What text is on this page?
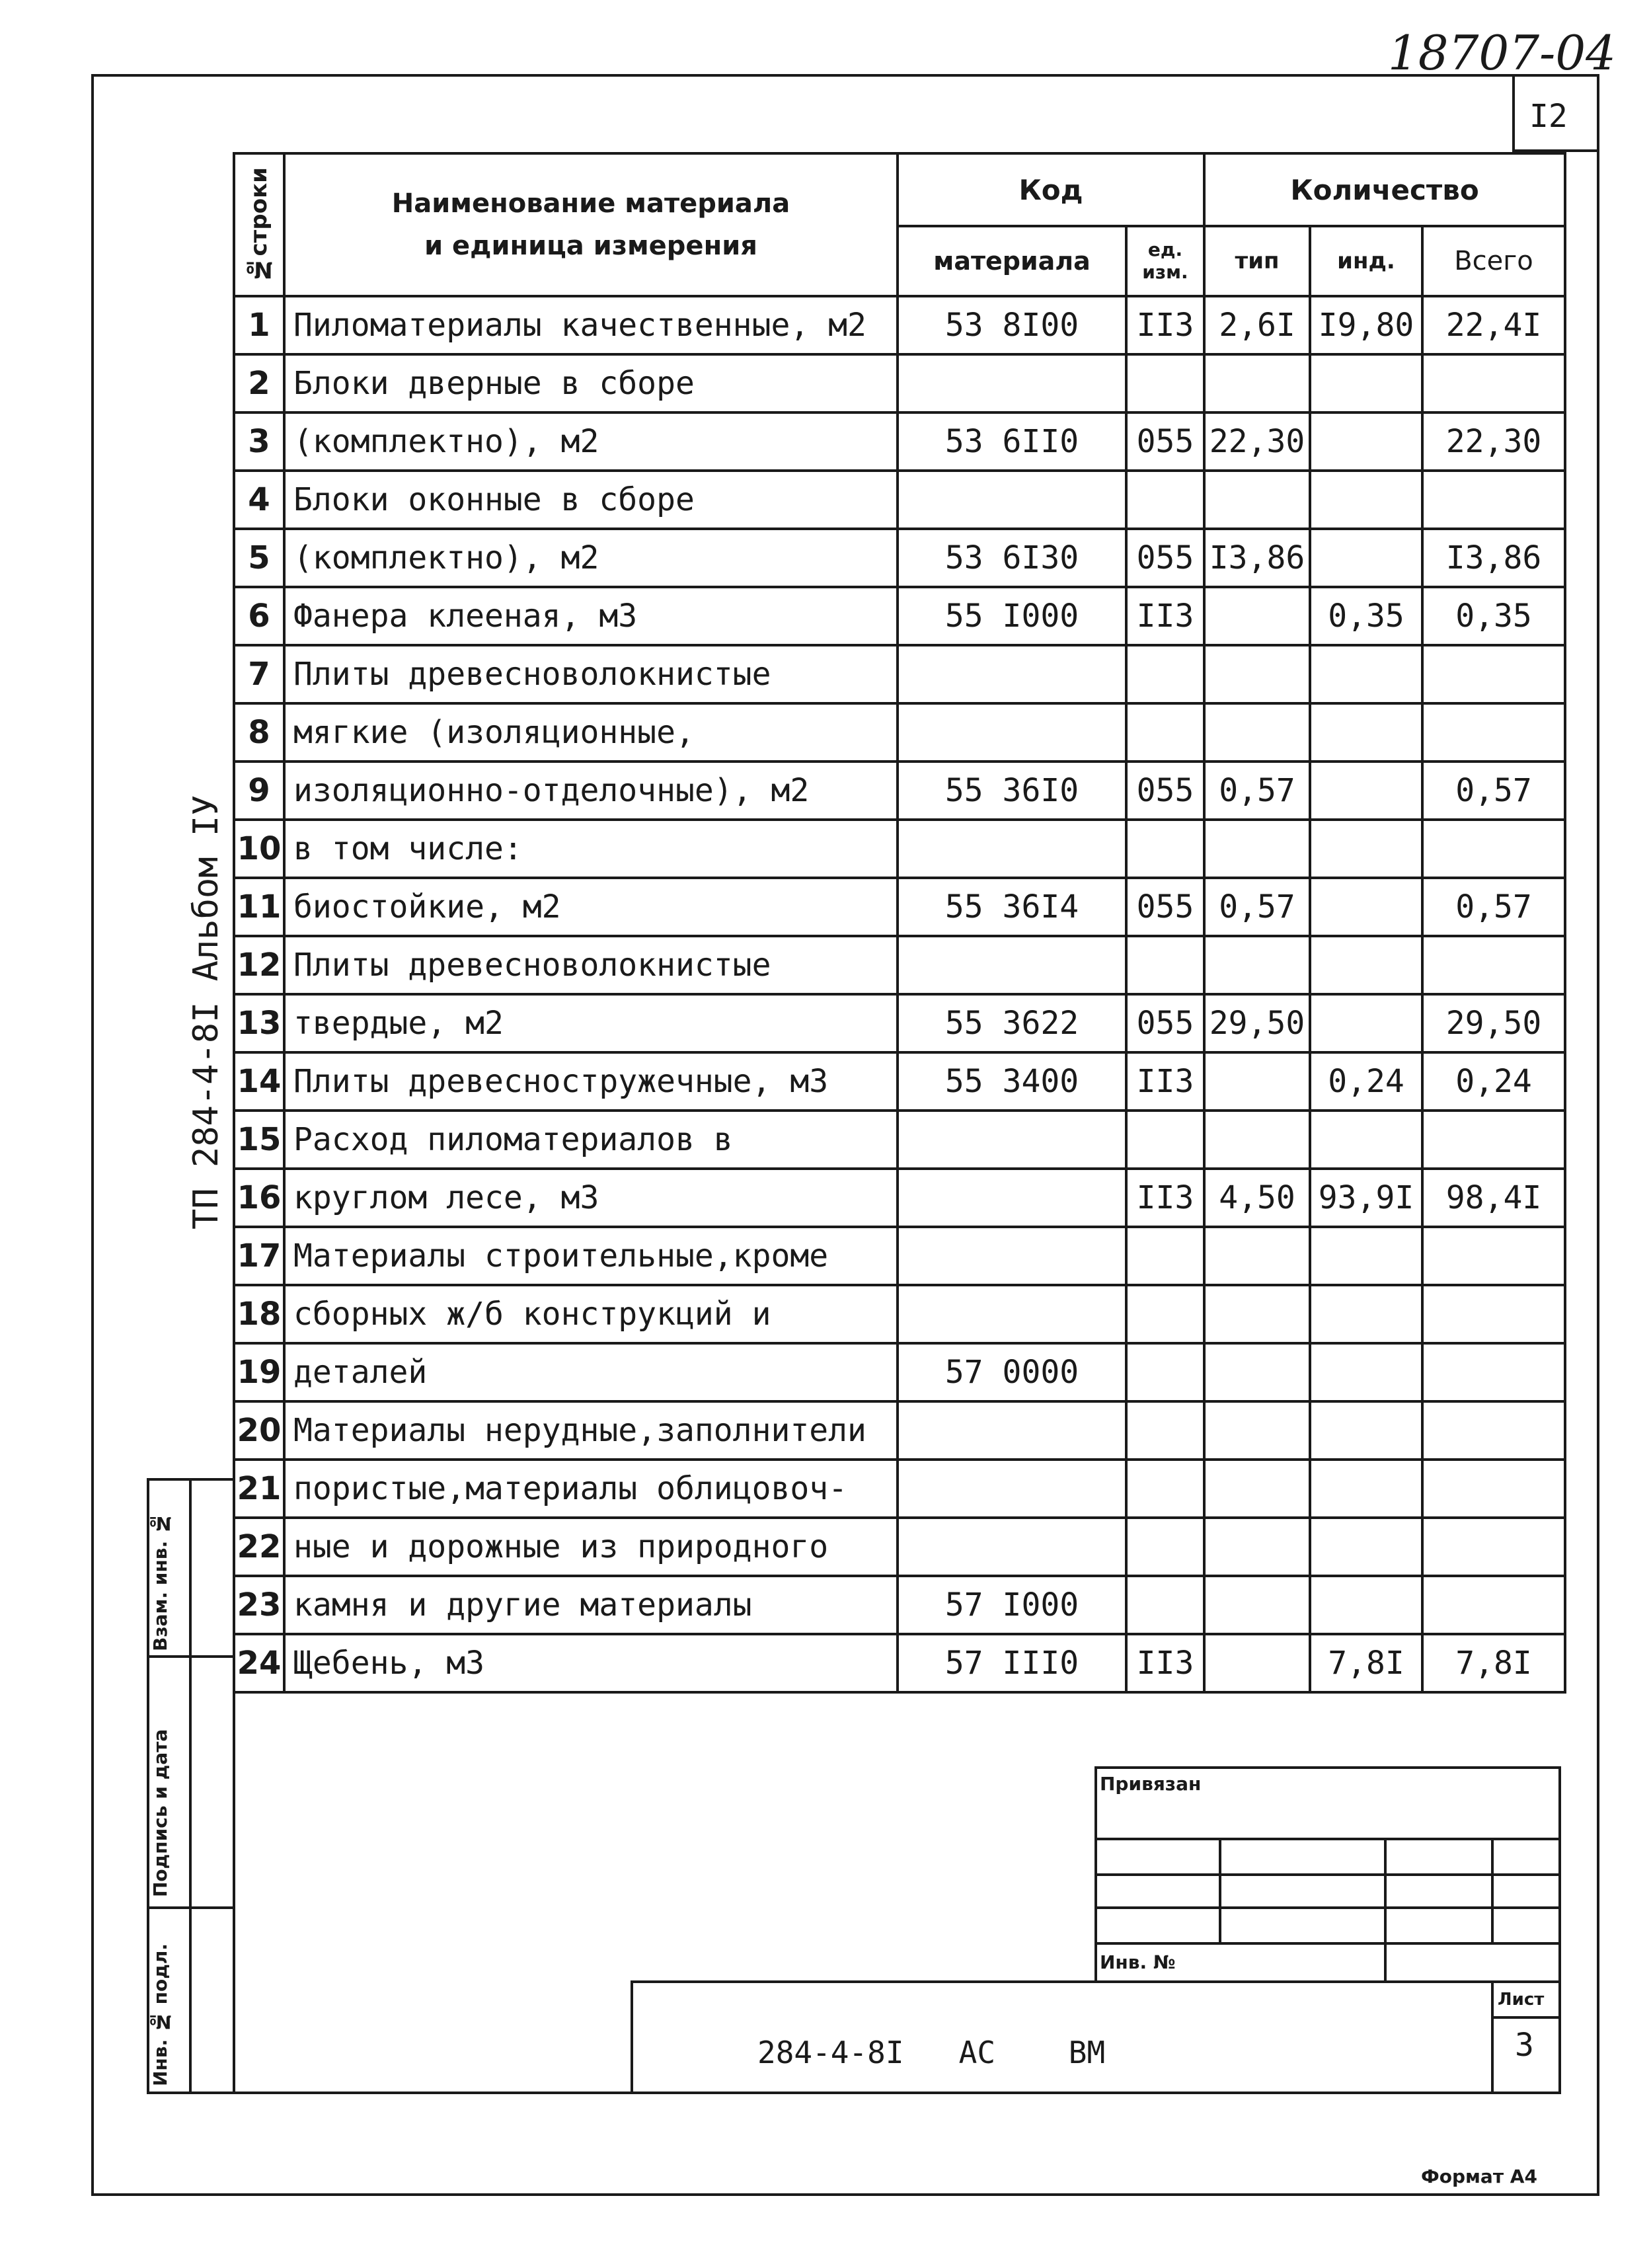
18707-04
I2
ТП 284-4-8I Альбом IУ
№строки	Наименование материала
и единица измерения	Код		Количество		
		материала	ед. изм.	тип	инд.	Всего
1	Пиломатериалы качественные, м2	53 8I00	II3	2,6I	I9,80	22,4I
2	Блоки дверные в сборе					
3	(комплектно), м2	53 6II0	055	22,30		22,30
4	Блоки оконные в сборе					
5	(комплектно), м2	53 6I30	055	I3,86		I3,86
6	Фанера клееная, м3	55 I000	II3		0,35	0,35
7	Плиты древесноволокнистые					
8	мягкие (изоляционные,					
9	изоляционно-отделочные), м2	55 36I0	055	0,57		0,57
10	в том числе:					
11	биостойкие, м2	55 36I4	055	0,57		0,57
12	Плиты древесноволокнистые					
13	твердые, м2	55 3622	055	29,50		29,50
14	Плиты древесностружечные, м3	55 3400	II3		0,24	0,24
15	Расход пиломатериалов в					
16	круглом лесе, м3		II3	4,50	93,9I	98,4I
17	Материалы строительные,кроме					
18	сборных ж/б конструкций и					
19	деталей	57 0000				
20	Материалы нерудные,заполнители					
21	пористые,материалы облицовоч-					
22	ные и дорожные из природного					
23	камня и другие материалы	57 I000				
24	Щебень, м3	57 III0	II3		7,8I	7,8I
Взам. инв. №
Подпись и дата
Инв. № подл.
Привязан
Инв. №
Лист
3
284-4-8I   АС    ВМ
Формат А4
